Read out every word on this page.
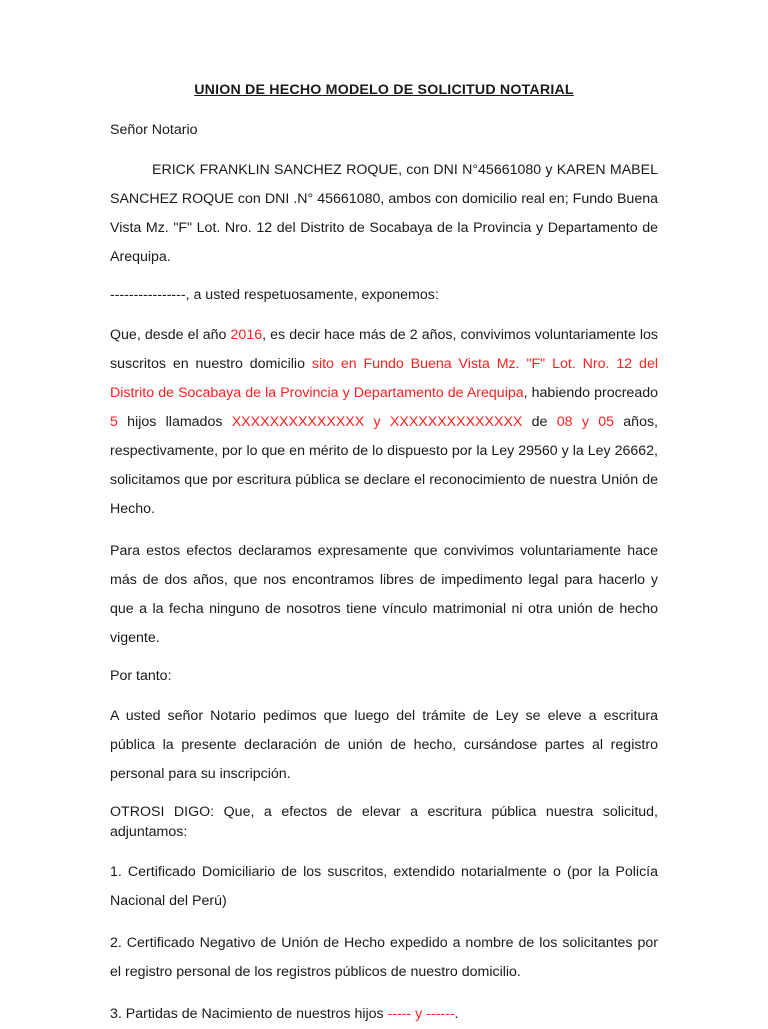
UNION DE HECHO MODELO DE SOLICITUD NOTARIAL

Señor Notario

ERICK FRANKLIN SANCHEZ ROQUE, con DNI N°45661080 y KAREN MABEL SANCHEZ ROQUE con DNI .N° 45661080, ambos con domicilio real en; Fundo Buena Vista Mz. "F" Lot. Nro. 12 del Distrito de Socabaya de la Provincia y Departamento de Arequipa.

----------------, a usted respetuosamente, exponemos:

Que, desde el año 2016, es decir hace más de 2 años, convivimos voluntariamente los suscritos en nuestro domicilio sito en Fundo Buena Vista Mz. "F" Lot. Nro. 12 del Distrito de Socabaya de la Provincia y Departamento de Arequipa, habiendo procreado 5 hijos llamados XXXXXXXXXXXXXX y XXXXXXXXXXXXXX de 08 y 05 años, respectivamente, por lo que en mérito de lo dispuesto por la Ley 29560 y la Ley 26662, solicitamos que por escritura pública se declare el reconocimiento de nuestra Unión de Hecho.

Para estos efectos declaramos expresamente que convivimos voluntariamente hace más de dos años, que nos encontramos libres de impedimento legal para hacerlo y que a la fecha ninguno de nosotros tiene vínculo matrimonial ni otra unión de hecho vigente.

Por tanto:

A usted señor Notario pedimos que luego del trámite de Ley se eleve a escritura pública la presente declaración de unión de hecho, cursándose partes al registro personal para su inscripción.

OTROSI DIGO: Que, a efectos de elevar a escritura pública nuestra solicitud, adjuntamos:

1. Certificado Domiciliario de los suscritos, extendido notarialmente o (por la Policía Nacional del Perú)

2. Certificado Negativo de Unión de Hecho expedido a nombre de los solicitantes por el registro personal de los registros públicos de nuestro domicilio.

3. Partidas de Nacimiento de nuestros hijos ----- y ------.
